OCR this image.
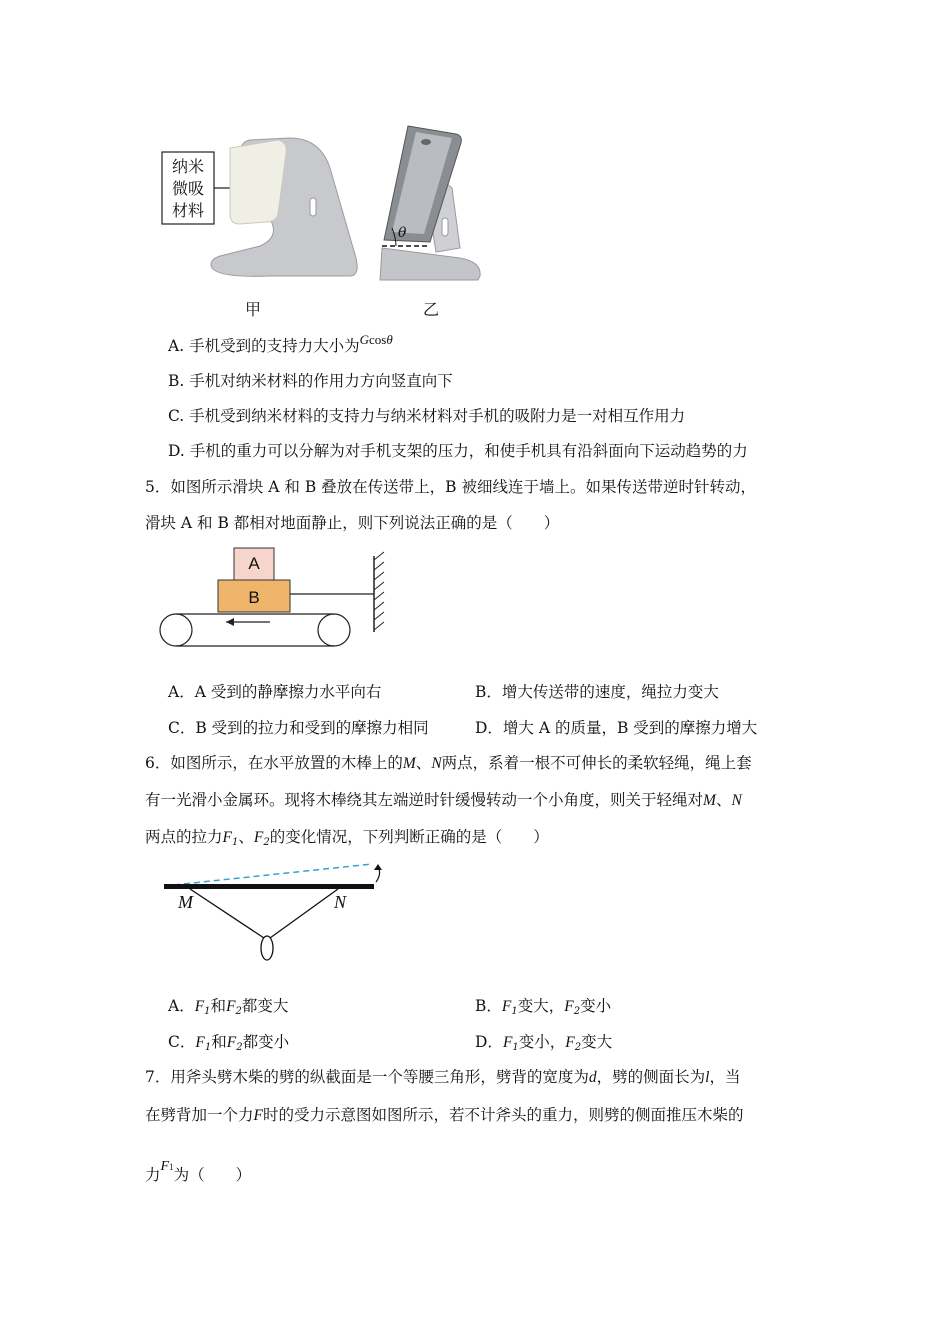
纳米
微吸
材料
θ
甲	乙
A. 手机受到的支持力大小为$^{Gcos\theta}$
B. 手机对纳米材料的作用力方向竖直向下
C. 手机受到纳米材料的支持力与纳米材料对手机的吸附力是一对相互作用力
D. 手机的重力可以分解为对手机支架的压力，和使手机具有沿斜面向下运动趋势的力
5．如图所示滑块 A 和 B 叠放在传送带上，B 被细线连于墙上。如果传送带逆时针转动，
滑块 A 和 B 都相对地面静止，则下列说法正确的是（　　）
A
B
A．A 受到的静摩擦力水平向右	B．增大传送带的速度，绳拉力变大
C．B 受到的拉力和受到的摩擦力相同	D．增大 A 的质量，B 受到的摩擦力增大
6．如图所示，在水平放置的木棒上的M、N两点，系着一根不可伸长的柔软轻绳，绳上套
有一光滑小金属环。现将木棒绕其左端逆时针缓慢转动一个小角度，则关于轻绳对M、N
两点的拉力$F_1$、$F_2$的变化情况，下列判断正确的是（　　）
M	N
A．$F_1$和$F_2$都变大	B．$F_1$变大，$F_2$变小
C．$F_1$和$F_2$都变小	D．$F_1$变小，$F_2$变大
7．用斧头劈木柴的劈的纵截面是一个等腰三角形，劈背的宽度为d，劈的侧面长为l，当
在劈背加一个力F时的受力示意图如图所示，若不计斧头的重力，则劈的侧面推压木柴的
力F1为（　　）
